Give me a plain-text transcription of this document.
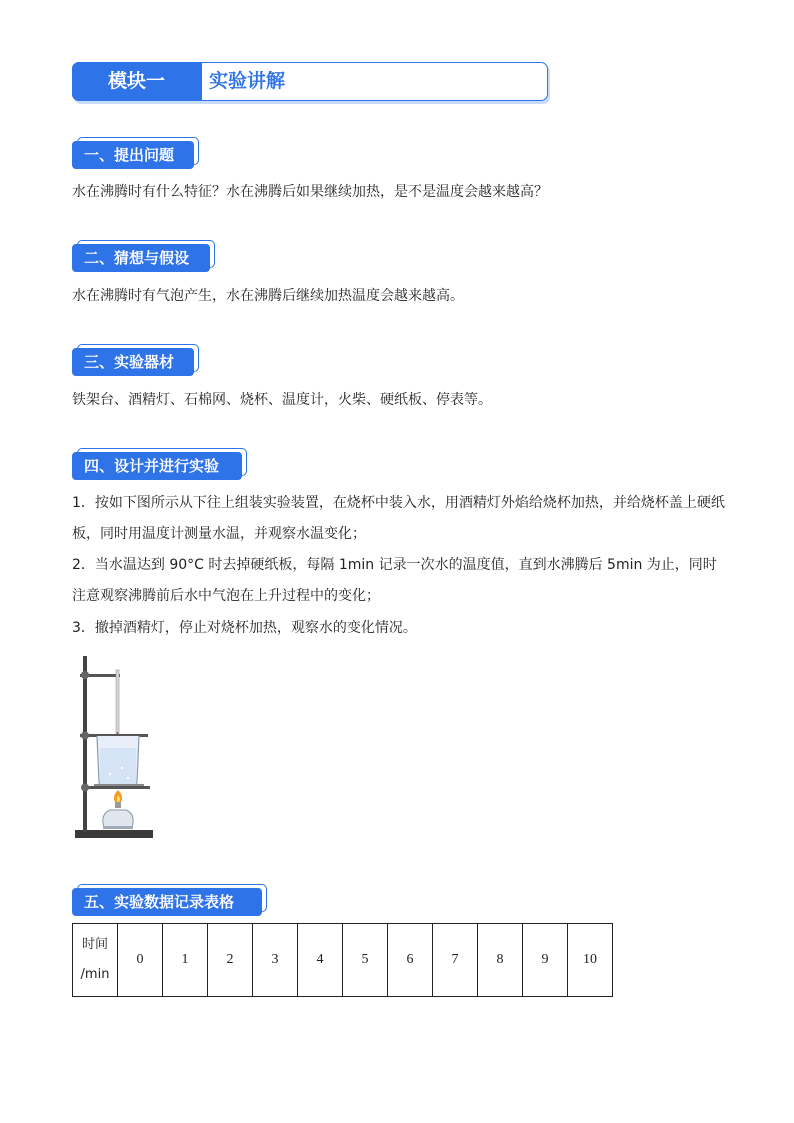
模块一	实验讲解
一、提出问题
水在沸腾时有什么特征？水在沸腾后如果继续加热，是不是温度会越来越高？
二、猜想与假设
水在沸腾时有气泡产生，水在沸腾后继续加热温度会越来越高。
三、实验器材
铁架台、酒精灯、石棉网、烧杯、温度计，火柴、硬纸板、停表等。
四、设计并进行实验
1．按如下图所示从下往上组装实验装置，在烧杯中装入水，用酒精灯外焰给烧杯加热，并给烧杯盖上硬纸板，同时用温度计测量水温，并观察水温变化；
2．当水温达到 90°C 时去掉硬纸板，每隔 1min 记录一次水的温度值，直到水沸腾后 5min 为止，同时注意观察沸腾前后水中气泡在上升过程中的变化；
3．撤掉酒精灯，停止对烧杯加热，观察水的变化情况。
五、实验数据记录表格
时间
/min
	0	1	2	3	4	5	6	7	8	9	10
